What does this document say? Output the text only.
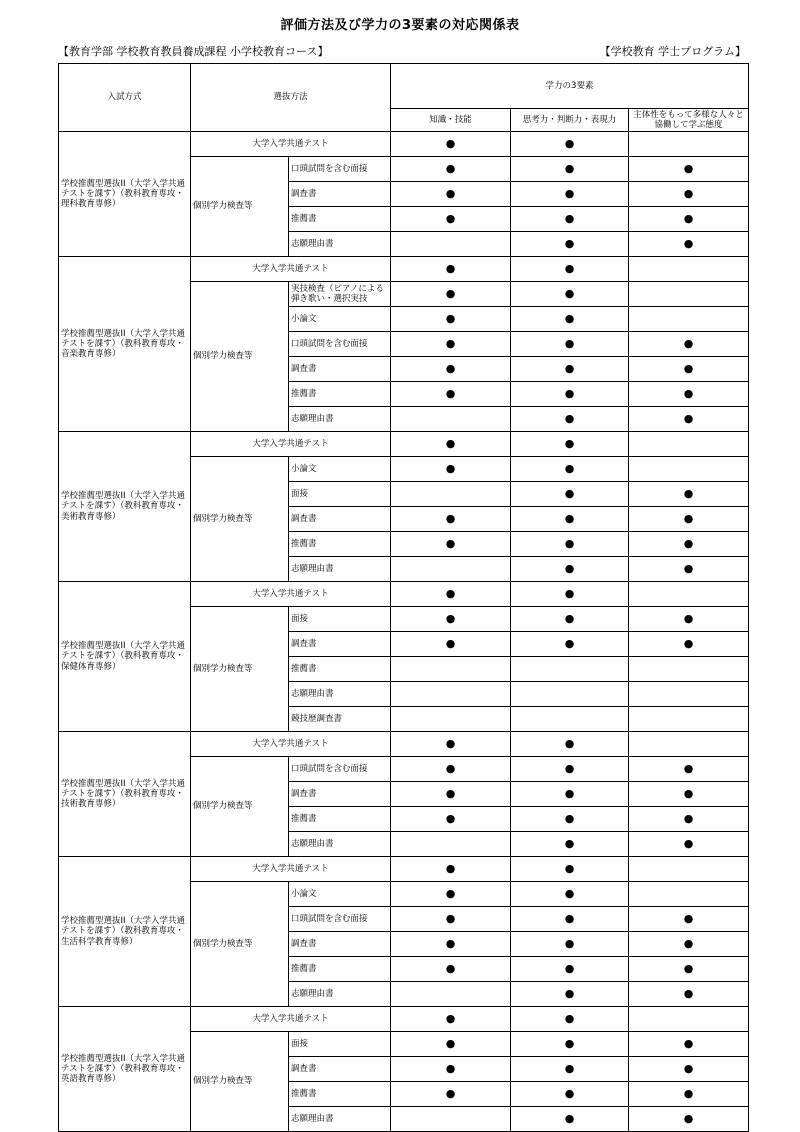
評価方法及び学力の3要素の対応関係表
【教育学部 学校教育教員養成課程 小学校教育コース】	【学校教育 学士プログラム】
入試方式	選抜方法		学力の3要素		
			知識・技能	思考力・判断力・表現力	主体性をもって多様な人々と協働して学ぶ態度
学校推薦型選抜II（大学入学共通テストを課す）（教科教育専攻・理科教育専修）	大学入学共通テスト		●	●	
	個別学力検査等	口頭試問を含む面接	●	●	●
		調査書	●	●	●
		推薦書	●	●	●
		志願理由書		●	●
学校推薦型選抜II（大学入学共通テストを課す）（教科教育専攻・音楽教育専修）	大学入学共通テスト		●	●	
	個別学力検査等	実技検査（ピアノによる弾き歌い・選択実技	●	●	
		小論文	●	●	
		口頭試問を含む面接	●	●	●
		調査書	●	●	●
		推薦書	●	●	●
		志願理由書		●	●
学校推薦型選抜II（大学入学共通テストを課す）（教科教育専攻・美術教育専修）	大学入学共通テスト		●	●	
	個別学力検査等	小論文	●	●	
		面接		●	●
		調査書	●	●	●
		推薦書	●	●	●
		志願理由書		●	●
学校推薦型選抜II（大学入学共通テストを課す）（教科教育専攻・保健体育専修）	大学入学共通テスト		●	●	
	個別学力検査等	面接	●	●	●
		調査書	●	●	●
		推薦書			
		志願理由書			
		競技歴調査書			
学校推薦型選抜II（大学入学共通テストを課す）（教科教育専攻・技術教育専修）	大学入学共通テスト		●	●	
	個別学力検査等	口頭試問を含む面接	●	●	●
		調査書	●	●	●
		推薦書	●	●	●
		志願理由書		●	●
学校推薦型選抜II（大学入学共通テストを課す）（教科教育専攻・生活科学教育専修）	大学入学共通テスト		●	●	
	個別学力検査等	小論文	●	●	
		口頭試問を含む面接	●	●	●
		調査書	●	●	●
		推薦書	●	●	●
		志願理由書		●	●
学校推薦型選抜II（大学入学共通テストを課す）（教科教育専攻・英語教育専修）	大学入学共通テスト		●	●	
	個別学力検査等	面接	●	●	●
		調査書	●	●	●
		推薦書	●	●	●
		志願理由書		●	●
